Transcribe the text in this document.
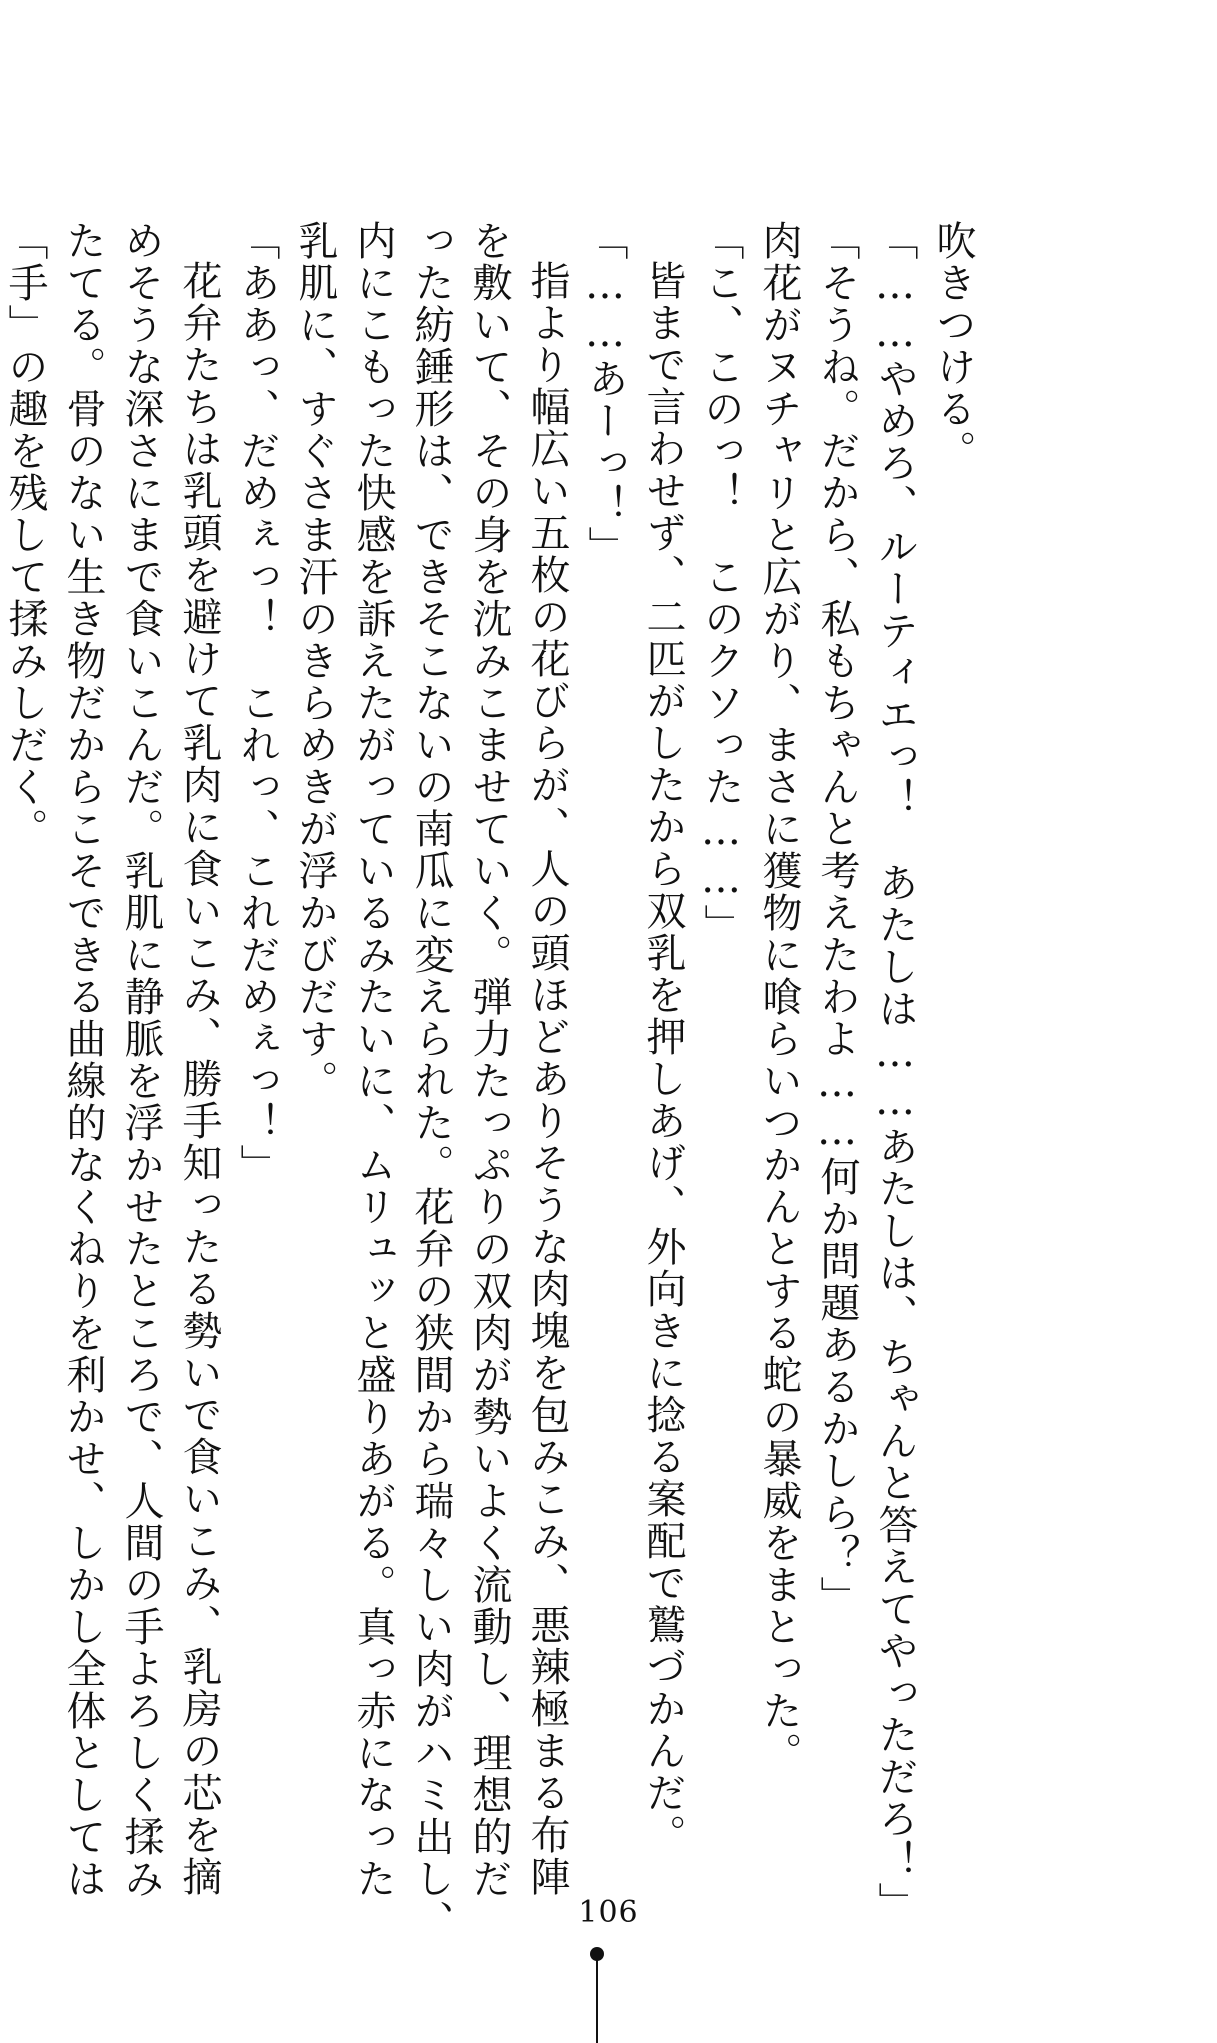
吹きつける。
「……やめろ、ルーティエっ！　あたしは……あたしは、ちゃんと答えてやっただろ！」
「そうね。だから、私もちゃんと考えたわよ……何か問題あるかしら？」
肉花がヌチャリと広がり、まさに獲物に喰らいつかんとする蛇の暴威をまとった。
「こ、このっ！　このクソった……」
皆まで言わせず、二匹がしたから双乳を押しあげ、外向きに捻る案配で鷲づかんだ。
「……あーっ！」
指より幅広い五枚の花びらが、人の頭ほどありそうな肉塊を包みこみ、悪辣極まる布陣
を敷いて、その身を沈みこませていく。弾力たっぷりの双肉が勢いよく流動し、理想的だ
った紡錘形は、できそこないの南瓜に変えられた。花弁の狭間から瑞々しい肉がハミ出し、
内にこもった快感を訴えたがっているみたいに、ムリュッと盛りあがる。真っ赤になった
乳肌に、すぐさま汗のきらめきが浮かびだす。
「ああっ、だめぇっ！　これっ、これだめぇっ！」
花弁たちは乳頭を避けて乳肉に食いこみ、勝手知ったる勢いで食いこみ、乳房の芯を摘
めそうな深さにまで食いこんだ。乳肌に静脈を浮かせたところで、人間の手よろしく揉み
たてる。骨のない生き物だからこそできる曲線的なくねりを利かせ、しかし全体としては
「手」の趣を残して揉みしだく。
106
